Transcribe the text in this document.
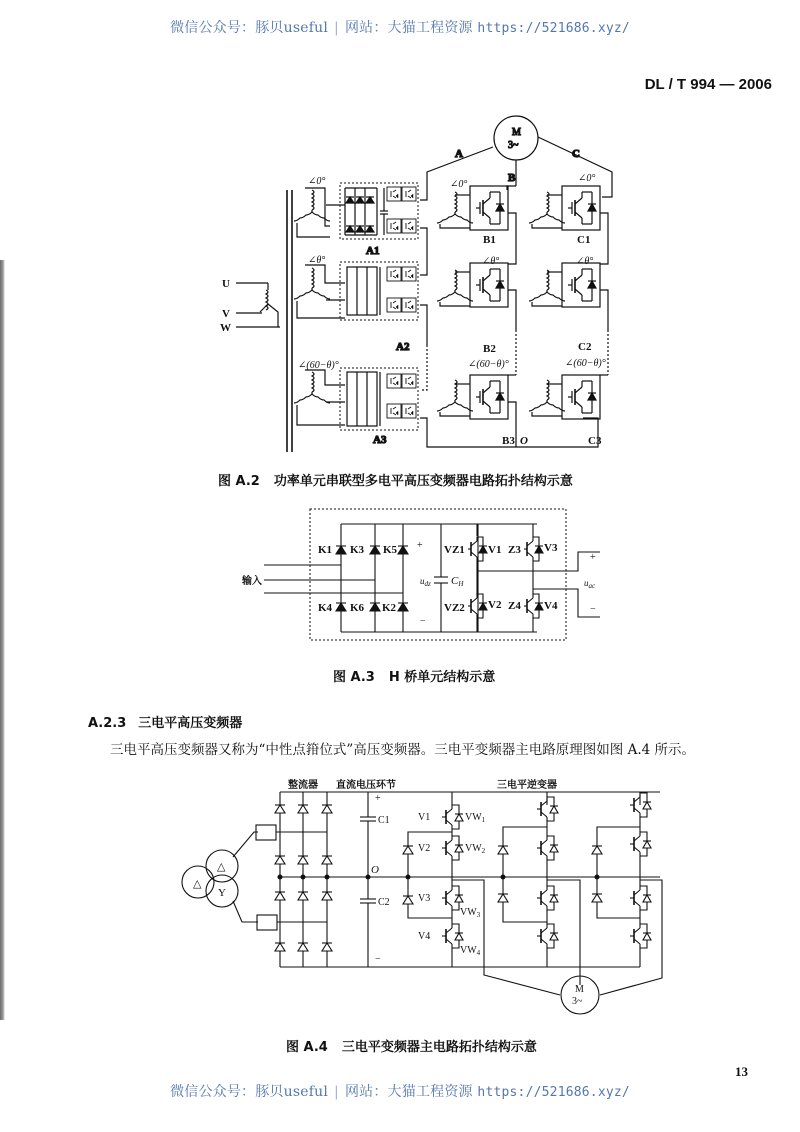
微信公众号：豚贝useful | 网站：大猫工程资源 https://521686.xyz/
DL / T 994 — 2006
A1
A2
A3
M
3~
A
B
C
U
V
W
∠0°
∠θ°
∠(60−θ)°
∠0°
B1
∠θ°
B2
∠(60−θ)°
B3 O
∠0°
C1
∠θ°
C2
∠(60−θ)°
C3
图 A.2 功率单元串联型多电平高压变频器电路拓扑结构示意
输入
K1 K3 K5
K4 K6 K2
+
−
$u_{dz}$ CH
VZ1 V1
VZ2 V2
Z3 V3
Z4 V4
+
−
$u_{ac}$
图 A.3 H 桥单元结构示意
A.2.3 三电平高压变频器
三电平高压变频器又称为“中性点箝位式”高压变频器。三电平变频器主电路原理图如图 A.4 所示。
整流器 直流电压环节	三电平逆变器
△
△
Y
+
−
C1
C2
O
V1
V2
V3
V4
$VW_1$
$VW_2$
$VW_3$
$VW_4$
M
3~
图 A.4 三电平变频器主电路拓扑结构示意
13
微信公众号：豚贝useful | 网站：大猫工程资源 https://521686.xyz/
